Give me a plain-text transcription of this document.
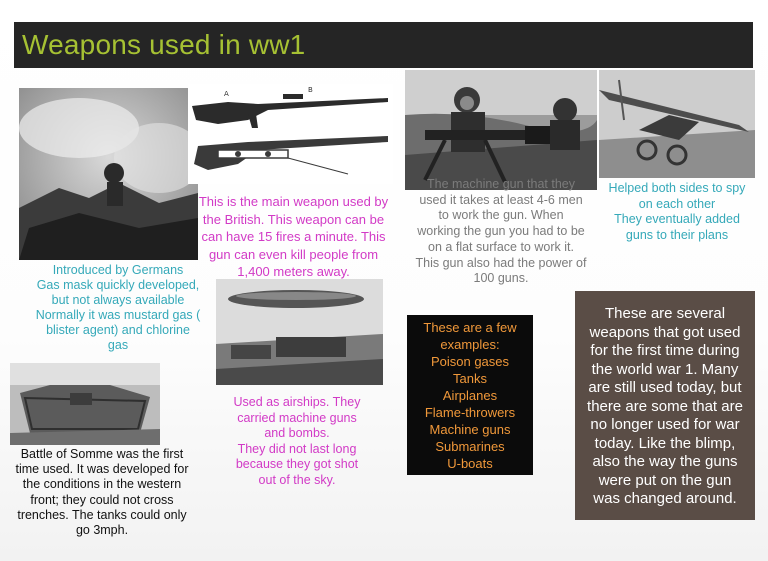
Weapons used in ww1
Introduced by Germans
Gas mask quickly developed,
but not always available
Normally it was mustard gas (
blister agent) and chlorine
gas
A	B
This is the main weapon used by
the British. This weapon can be
can have 15 fires a minute. This
gun can even kill people from
1,400 meters away.
The machine gun that they
used it takes at least 4-6 men
to work the gun. When
working the gun you had to be
on a flat surface to work it.
This gun also had the power of
100 guns.
Helped both sides to spy
on each other
They eventually added
guns to their plans
Used as airships. They
carried machine guns
and bombs.
They did not last long
because they got shot
out of the sky.
Battle of Somme was the first
time used. It was developed for
the conditions in the western
front; they could not cross
trenches. The tanks could only
go 3mph.
These are a few
examples:
Poison gases
Tanks
Airplanes
Flame-throwers
Machine guns
Submarines
U-boats
These are several
weapons that got used
for the first time during
the world war 1. Many
are still used today, but
there are some that are
no longer used for war
today. Like the blimp,
also the way the guns
were put on the gun
was changed around.
